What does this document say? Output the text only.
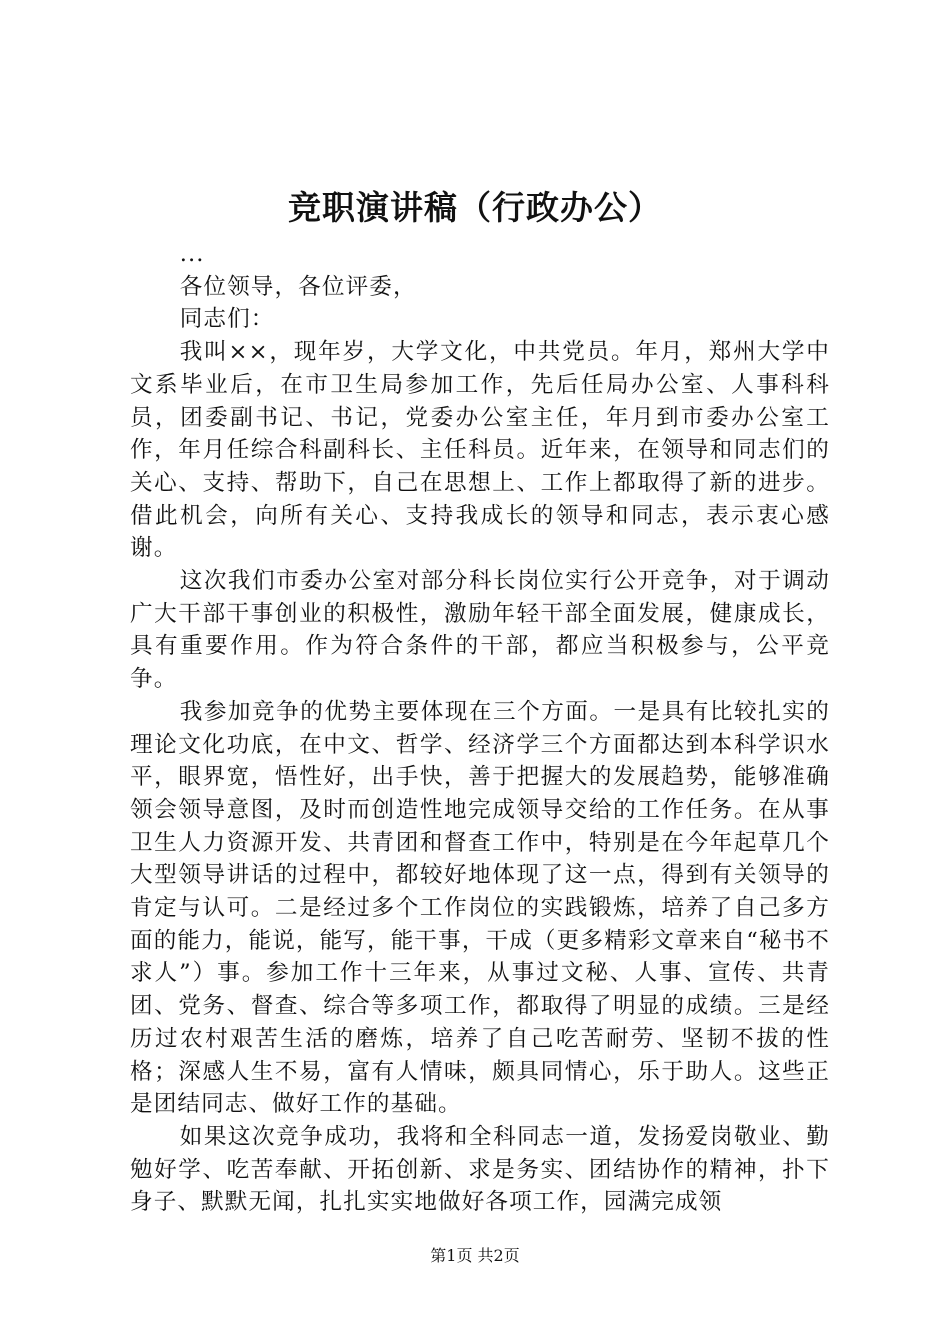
竞职演讲稿（行政办公）

...

各位领导，各位评委，

同志们：

我叫××，现年岁，大学文化，中共党员。年月，郑州大学中文系毕业后，在市卫生局参加工作，先后任局办公室、人事科科员，团委副书记、书记，党委办公室主任，年月到市委办公室工作，年月任综合科副科长、主任科员。近年来，在领导和同志们的关心、支持、帮助下，自己在思想上、工作上都取得了新的进步。借此机会，向所有关心、支持我成长的领导和同志，表示衷心感谢。

这次我们市委办公室对部分科长岗位实行公开竞争，对于调动广大干部干事创业的积极性，激励年轻干部全面发展，健康成长，具有重要作用。作为符合条件的干部，都应当积极参与，公平竞争。

我参加竞争的优势主要体现在三个方面。一是具有比较扎实的理论文化功底，在中文、哲学、经济学三个方面都达到本科学识水平，眼界宽，悟性好，出手快，善于把握大的发展趋势，能够准确领会领导意图，及时而创造性地完成领导交给的工作任务。在从事卫生人力资源开发、共青团和督查工作中，特别是在今年起草几个大型领导讲话的过程中，都较好地体现了这一点，得到有关领导的肯定与认可。二是经过多个工作岗位的实践锻炼，培养了自己多方面的能力，能说，能写，能干事，干成（更多精彩文章来自“秘书不求人”）事。参加工作十三年来，从事过文秘、人事、宣传、共青团、党务、督查、综合等多项工作，都取得了明显的成绩。三是经历过农村艰苦生活的磨炼，培养了自己吃苦耐劳、坚韧不拔的性格；深感人生不易，富有人情味，颇具同情心，乐于助人。这些正是团结同志、做好工作的基础。

如果这次竞争成功，我将和全科同志一道，发扬爱岗敬业、勤勉好学、吃苦奉献、开拓创新、求是务实、团结协作的精神，扑下身子、默默无闻，扎扎实实地做好各项工作，园满完成领

第1页 共2页
